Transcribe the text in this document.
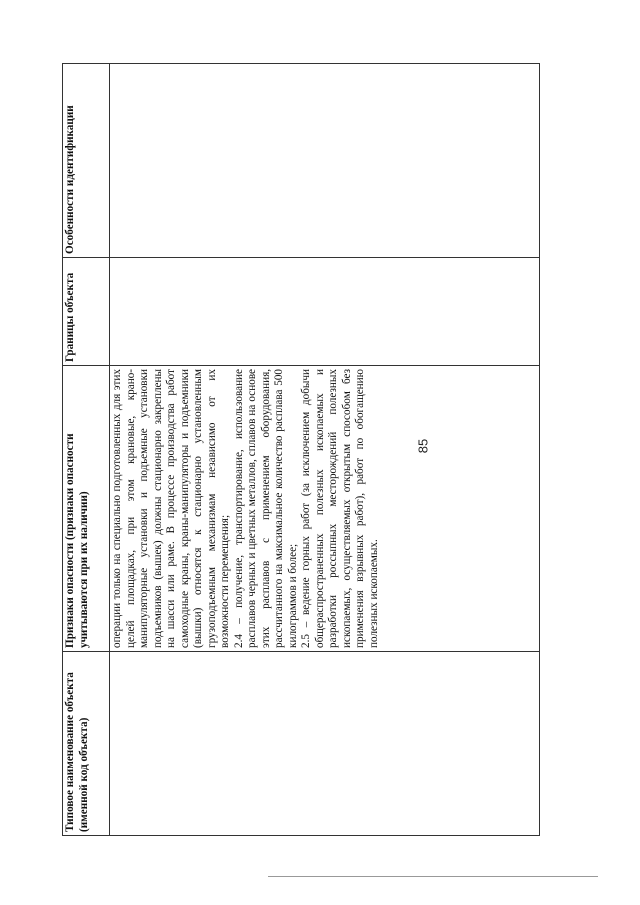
85
Типовое наименование объекта (именной код объекта)	Признаки опасности (признаки опасности учитываются при их наличии)	Границы объекта	Особенности идентификации

	операции только на специально подготовленных для этих целей площадках, при этом крановые, крано-манипуляторные установки и подъемные установки подъемников (вышек) должны стационарно закреплены на шасси или раме. В процессе производства работ самоходные краны, краны-манипуляторы и подъемники (вышки) относятся к стационарно установленным грузоподъемным механизмам независимо от их возможности перемещения; 2.4 – получение, транспортирование, использование расплавов черных и цветных металлов, сплавов на основе этих расплавов с применением оборудования, рассчитанного на максимальное количество расплава 500 килограммов и более; 2.5 – ведение горных работ (за исключением добычи общераспространенных полезных ископаемых и разработки россыпных месторождений полезных ископаемых, осуществляемых открытым способом без применения взрывных работ), работ по обогащению полезных ископаемых.		
